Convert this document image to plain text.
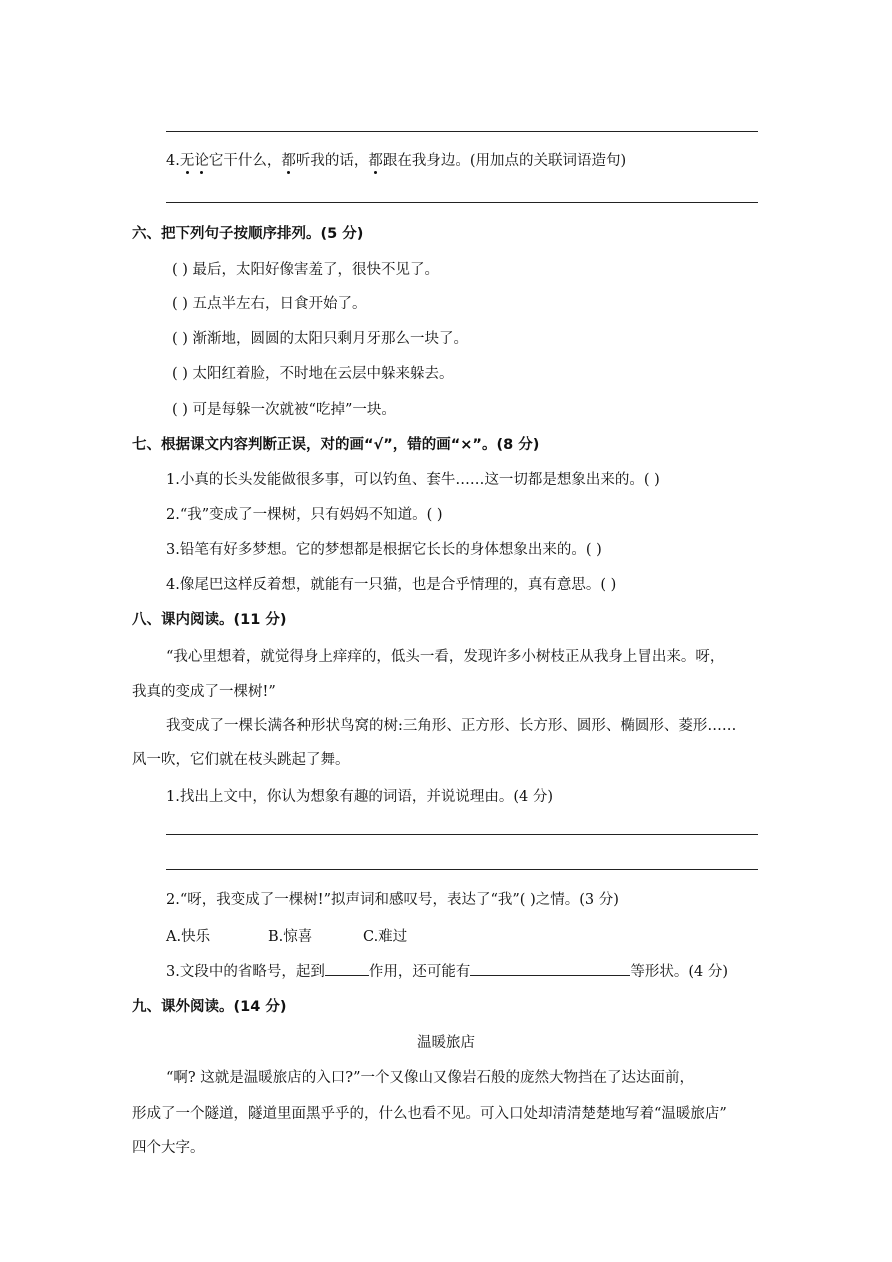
4.无论它干什么，都听我的话，都跟在我身边。(用加点的关联词语造句)
六、把下列句子按顺序排列。(5 分)
( ) 最后，太阳好像害羞了，很快不见了。
( ) 五点半左右，日食开始了。
( ) 渐渐地，圆圆的太阳只剩月牙那么一块了。
( ) 太阳红着脸，不时地在云层中躲来躲去。
( ) 可是每躲一次就被“吃掉”一块。
七、根据课文内容判断正误，对的画“√”，错的画“×”。(8 分)
1.小真的长头发能做很多事，可以钓鱼、套牛……这一切都是想象出来的。( )
2.“我”变成了一棵树，只有妈妈不知道。( )
3.铅笔有好多梦想。它的梦想都是根据它长长的身体想象出来的。( )
4.像尾巴这样反着想，就能有一只猫，也是合乎情理的，真有意思。( )
八、课内阅读。(11 分)
“我心里想着，就觉得身上痒痒的，低头一看，发现许多小树枝正从我身上冒出来。呀，
我真的变成了一棵树!”
我变成了一棵长满各种形状鸟窝的树:三角形、正方形、长方形、圆形、椭圆形、菱形……
风一吹，它们就在枝头跳起了舞。
1.找出上文中，你认为想象有趣的词语，并说说理由。(4 分)
2.“呀，我变成了一棵树!”拟声词和感叹号，表达了“我”( )之情。(3 分)
A.快乐	B.惊喜	C.难过
3.文段中的省略号，起到	作用，还可能有	等形状。(4 分)
九、课外阅读。(14 分)
温暖旅店
“啊? 这就是温暖旅店的入口?”一个又像山又像岩石般的庞然大物挡在了达达面前，
形成了一个隧道，隧道里面黑乎乎的，什么也看不见。可入口处却清清楚楚地写着“温暖旅店”
四个大字。
